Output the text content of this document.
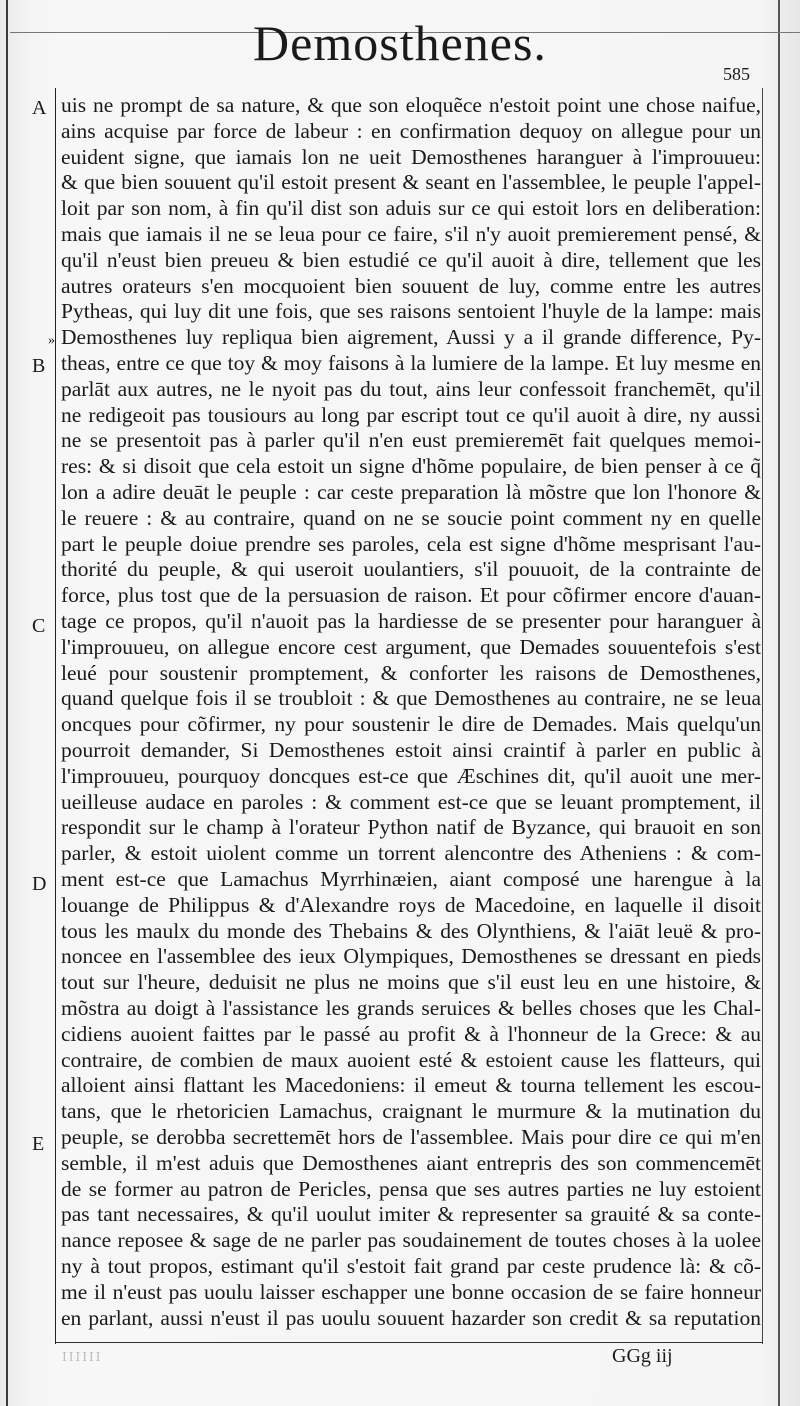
Demosthenes.
585
A
»
B
C
D
E
uis ne prompt de sa nature, & que son eloquẽce n'estoit point une chose naifue,
ains acquise par force de labeur : en confirmation dequoy on allegue pour un
euident signe, que iamais lon ne ueit Demosthenes haranguer à l'improuueu:
& que bien souuent qu'il estoit present & seant en l'assemblee, le peuple l'appel-
loit par son nom, à fin qu'il dist son aduis sur ce qui estoit lors en deliberation:
mais que iamais il ne se leua pour ce faire, s'il n'y auoit premierement pensé, &
qu'il n'eust bien preueu & bien estudié ce qu'il auoit à dire, tellement que les
autres orateurs s'en mocquoient bien souuent de luy, comme entre les autres
Pytheas, qui luy dit une fois, que ses raisons sentoient l'huyle de la lampe: mais
Demosthenes luy repliqua bien aigrement, Aussi y a il grande difference, Py-
theas, entre ce que toy & moy faisons à la lumiere de la lampe. Et luy mesme en
parlāt aux autres, ne le nyoit pas du tout, ains leur confessoit franchemēt, qu'il
ne redigeoit pas tousiours au long par escript tout ce qu'il auoit à dire, ny aussi
ne se presentoit pas à parler qu'il n'en eust premieremēt fait quelques memoi-
res: & si disoit que cela estoit un signe d'hõme populaire, de bien penser à ce q̃
lon a adire deuāt le peuple : car ceste preparation là mõstre que lon l'honore &
le reuere : & au contraire, quand on ne se soucie point comment ny en quelle
part le peuple doiue prendre ses paroles, cela est signe d'hõme mesprisant l'au-
thorité du peuple, & qui useroit uoulantiers, s'il pouuoit, de la contrainte de
force, plus tost que de la persuasion de raison. Et pour cõfirmer encore d'auan-
tage ce propos, qu'il n'auoit pas la hardiesse de se presenter pour haranguer à
l'improuueu, on allegue encore cest argument, que Demades souuentefois s'est
leué pour soustenir promptement, & conforter les raisons de Demosthenes,
quand quelque fois il se troubloit : & que Demosthenes au contraire, ne se leua
oncques pour cõfirmer, ny pour soustenir le dire de Demades. Mais quelqu'un
pourroit demander, Si Demosthenes estoit ainsi craintif à parler en public à
l'improuueu, pourquoy doncques est-ce que Æschines dit, qu'il auoit une mer-
ueilleuse audace en paroles : & comment est-ce que se leuant promptement, il
respondit sur le champ à l'orateur Python natif de Byzance, qui brauoit en son
parler, & estoit uiolent comme un torrent alencontre des Atheniens : & com-
ment est-ce que Lamachus Myrrhinæien, aiant composé une harengue à la
louange de Philippus & d'Alexandre roys de Macedoine, en laquelle il disoit
tous les maulx du monde des Thebains & des Olynthiens, & l'aiāt leuë & pro-
noncee en l'assemblee des ieux Olympiques, Demosthenes se dressant en pieds
tout sur l'heure, deduisit ne plus ne moins que s'il eust leu en une histoire, &
mõstra au doigt à l'assistance les grands seruices & belles choses que les Chal-
cidiens auoient faittes par le passé au profit & à l'honneur de la Grece: & au
contraire, de combien de maux auoient esté & estoient cause les flatteurs, qui
alloient ainsi flattant les Macedoniens: il emeut & tourna tellement les escou-
tans, que le rhetoricien Lamachus, craignant le murmure & la mutination du
peuple, se derobba secrettemēt hors de l'assemblee. Mais pour dire ce qui m'en
semble, il m'est aduis que Demosthenes aiant entrepris des son commencemēt
de se former au patron de Pericles, pensa que ses autres parties ne luy estoient
pas tant necessaires, & qu'il uoulut imiter & representer sa grauité & sa conte-
nance reposee & sage de ne parler pas soudainement de toutes choses à la uolee
ny à tout propos, estimant qu'il s'estoit fait grand par ceste prudence là: & cõ-
me il n'eust pas uoulu laisser eschapper une bonne occasion de se faire honneur
en parlant, aussi n'eust il pas uoulu souuent hazarder son credit & sa reputation
IIIIII	GGg iij
